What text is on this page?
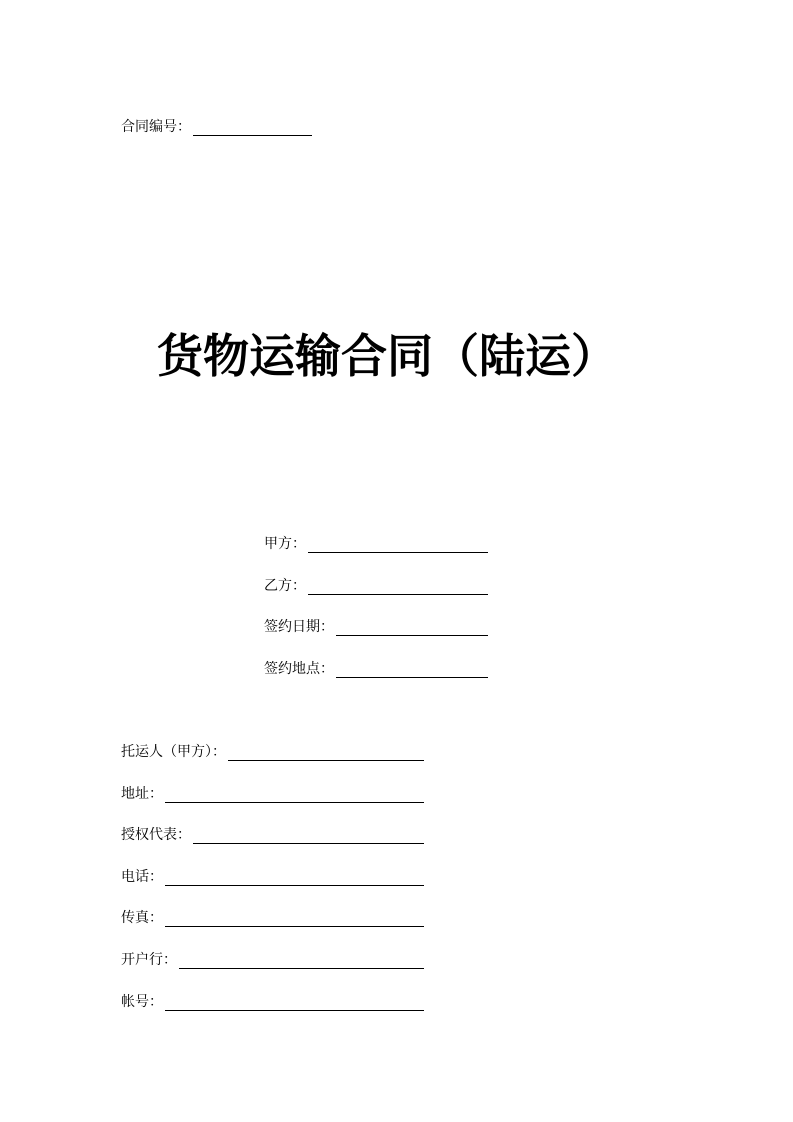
合同编号：
货物运输合同（陆运）
甲方：
乙方：
签约日期：
签约地点：
托运人（甲方）：
地址：
授权代表：
电话：
传真：
开户行：
帐号：
